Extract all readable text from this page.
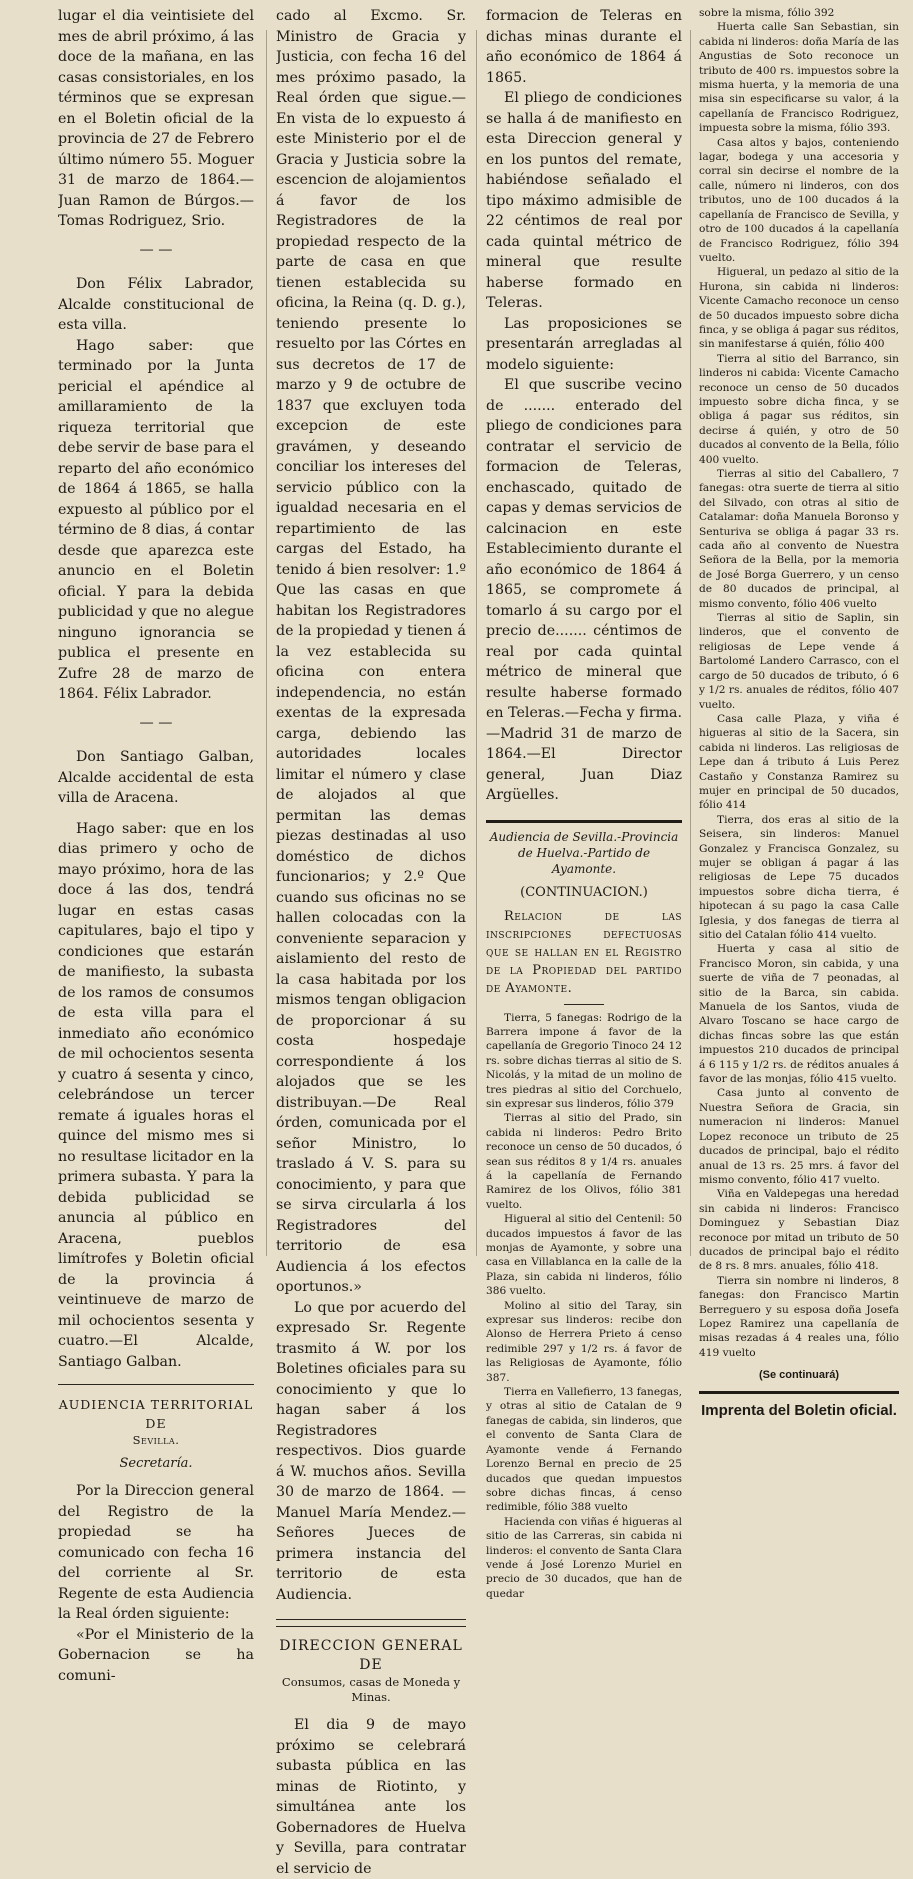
lugar el dia veintisiete del mes de abril próximo, á las doce de la mañana, en las casas consistoriales, en los términos que se expresan en el Boletin oficial de la provincia de 27 de Febrero último número 55. Moguer 31 de marzo de 1864.—Juan Ramon de Búrgos.—Tomas Rodriguez, Srio.

— —

Don Félix Labrador, Alcalde constitucional de esta villa.

Hago saber: que terminado por la Junta pericial el apéndice al amillaramiento de la riqueza territorial que debe servir de base para el reparto del año económico de 1864 á 1865, se halla expuesto al público por el término de 8 dias, á contar desde que aparezca este anuncio en el Boletin oficial. Y para la debida publicidad y que no alegue ninguno ignorancia se publica el presente en Zufre 28 de marzo de 1864. Félix Labrador.

— —

Don Santiago Galban, Alcalde accidental de esta villa de Aracena.

Hago saber: que en los dias primero y ocho de mayo próximo, hora de las doce á las dos, tendrá lugar en estas casas capitulares, bajo el tipo y condiciones que estarán de manifiesto, la subasta de los ramos de consumos de esta villa para el inmediato año económico de mil ochocientos sesenta y cuatro á sesenta y cinco, celebrándose un tercer remate á iguales horas el quince del mismo mes si no resultase licitador en la primera subasta. Y para la debida publicidad se anuncia al público en Aracena, pueblos limítrofes y Boletin oficial de la provincia á veintinueve de marzo de mil ochocientos sesenta y cuatro.—El Alcalde, Santiago Galban.

AUDIENCIA TERRITORIAL DE
Sevilla.
Secretaría.

Por la Direccion general del Registro de la propiedad se ha comunicado con fecha 16 del corriente al Sr. Regente de esta Audiencia la Real órden siguiente:

«Por el Ministerio de la Gobernacion se ha comuni-

cado al Excmo. Sr. Ministro de Gracia y Justicia, con fecha 16 del mes próximo pasado, la Real órden que sigue.—En vista de lo expuesto á este Ministerio por el de Gracia y Justicia sobre la escencion de alojamientos á favor de los Registradores de la propiedad respecto de la parte de casa en que tienen establecida su oficina, la Reina (q. D. g.), teniendo presente lo resuelto por las Córtes en sus decretos de 17 de marzo y 9 de octubre de 1837 que excluyen toda excepcion de este gravámen, y deseando conciliar los intereses del servicio público con la igualdad necesaria en el repartimiento de las cargas del Estado, ha tenido á bien resolver: 1.º Que las casas en que habitan los Registradores de la propiedad y tienen á la vez establecida su oficina con entera independencia, no están exentas de la expresada carga, debiendo las autoridades locales limitar el número y clase de alojados al que permitan las demas piezas destinadas al uso doméstico de dichos funcionarios; y 2.º Que cuando sus oficinas no se hallen colocadas con la conveniente separacion y aislamiento del resto de la casa habitada por los mismos tengan obligacion de proporcionar á su costa hospedaje correspondiente á los alojados que se les distribuyan.—De Real órden, comunicada por el señor Ministro, lo traslado á V. S. para su conocimiento, y para que se sirva circularla á los Registradores del territorio de esa Audiencia á los efectos oportunos.»

Lo que por acuerdo del expresado Sr. Regente trasmito á W. por los Boletines oficiales para su conocimiento y que lo hagan saber á los Registradores respectivos. Dios guarde á W. muchos años. Sevilla 30 de marzo de 1864. —Manuel María Mendez.—Señores Jueces de primera instancia del territorio de esta Audiencia.

DIRECCION GENERAL DE
Consumos, casas de Moneda y Minas.

El dia 9 de mayo próximo se celebrará subasta pública en las minas de Riotinto, y simultánea ante los Gobernadores de Huelva y Sevilla, para contratar el servicio de

formacion de Teleras en dichas minas durante el año económico de 1864 á 1865.

El pliego de condiciones se halla á de manifiesto en esta Direccion general y en los puntos del remate, habiéndose señalado el tipo máximo admisible de 22 céntimos de real por cada quintal métrico de mineral que resulte haberse formado en Teleras.

Las proposiciones se presentarán arregladas al modelo siguiente:

El que suscribe vecino de ....... enterado del pliego de condiciones para contratar el servicio de formacion de Teleras, enchascado, quitado de capas y demas servicios de calcinacion en este Establecimiento durante el año económico de 1864 á 1865, se compromete á tomarlo á su cargo por el precio de....... céntimos de real por cada quintal métrico de mineral que resulte haberse formado en Teleras.—Fecha y firma. —Madrid 31 de marzo de 1864.—El Director general, Juan Diaz Argüelles.

Audiencia de Sevilla.-Provincia de Huelva.-Partido de Ayamonte.
(CONTINUACION.)

Relacion de las inscripciones defectuosas que se hallan en el Registro de la Propiedad del partido de Ayamonte.

Tierra, 5 fanegas: Rodrigo de la Barrera impone á favor de la capellanía de Gregorio Tinoco 24 12 rs. sobre dichas tierras al sitio de S. Nicolás, y la mitad de un molino de tres piedras al sitio del Corchuelo, sin expresar sus linderos, fólio 379

Tierras al sitio del Prado, sin cabida ni linderos: Pedro Brito reconoce un censo de 50 ducados, ó sean sus réditos 8 y 1/4 rs. anuales á la capellanía de Fernando Ramirez de los Olivos, fólio 381 vuelto.

Higueral al sitio del Centenil: 50 ducados impuestos á favor de las monjas de Ayamonte, y sobre una casa en Villablanca en la calle de la Plaza, sin cabida ni linderos, fólio 386 vuelto.

Molino al sitio del Taray, sin expresar sus linderos: recibe don Alonso de Herrera Prieto á censo redimible 297 y 1/2 rs. á favor de las Religiosas de Ayamonte, fólio 387.

Tierra en Vallefierro, 13 fanegas, y otras al sitio de Catalan de 9 fanegas de cabida, sin linderos, que el convento de Santa Clara de Ayamonte vende á Fernando Lorenzo Bernal en precio de 25 ducados que quedan impuestos sobre dichas fincas, á censo redimible, fólio 388 vuelto

Hacienda con viñas é higueras al sitio de las Carreras, sin cabida ni linderos: el convento de Santa Clara vende á José Lorenzo Muriel en precio de 30 ducados, que han de quedar

sobre la misma, fólio 392

Huerta calle San Sebastian, sin cabida ni linderos: doña María de las Angustias de Soto reconoce un tributo de 400 rs. impuestos sobre la misma huerta, y la memoria de una misa sin especificarse su valor, á la capellanía de Francisco Rodriguez, impuesta sobre la misma, fólio 393.

Casa altos y bajos, conteniendo lagar, bodega y una accesoria y corral sin decirse el nombre de la calle, número ni linderos, con dos tributos, uno de 100 ducados á la capellanía de Francisco de Sevilla, y otro de 100 ducados á la capellanía de Francisco Rodriguez, fólio 394 vuelto.

Higueral, un pedazo al sitio de la Hurona, sin cabida ni linderos: Vicente Camacho reconoce un censo de 50 ducados impuesto sobre dicha finca, y se obliga á pagar sus réditos, sin manifestarse á quién, fólio 400

Tierra al sitio del Barranco, sin linderos ni cabida: Vicente Camacho reconoce un censo de 50 ducados impuesto sobre dicha finca, y se obliga á pagar sus réditos, sin decirse á quién, y otro de 50 ducados al convento de la Bella, fólio 400 vuelto.

Tierras al sitio del Caballero, 7 fanegas: otra suerte de tierra al sitio del Silvado, con otras al sitio de Catalamar: doña Manuela Boronso y Senturiva se obliga á pagar 33 rs. cada año al convento de Nuestra Señora de la Bella, por la memoria de José Borga Guerrero, y un censo de 80 ducados de principal, al mismo convento, fólio 406 vuelto

Tierras al sitio de Saplin, sin linderos, que el convento de religiosas de Lepe vende á Bartolomé Landero Carrasco, con el cargo de 50 ducados de tributo, ó 6 y 1/2 rs. anuales de réditos, fólio 407 vuelto.

Casa calle Plaza, y viña é higueras al sitio de la Sacera, sin cabida ni linderos. Las religiosas de Lepe dan á tributo á Luis Perez Castaño y Constanza Ramirez su mujer en principal de 50 ducados, fólio 414

Tierra, dos eras al sitio de la Seisera, sin linderos: Manuel Gonzalez y Francisca Gonzalez, su mujer se obligan á pagar á las religiosas de Lepe 75 ducados impuestos sobre dicha tierra, é hipotecan á su pago la casa Calle Iglesia, y dos fanegas de tierra al sitio del Catalan fólio 414 vuelto.

Huerta y casa al sitio de Francisco Moron, sin cabida, y una suerte de viña de 7 peonadas, al sitio de la Barca, sin cabida. Manuela de los Santos, viuda de Alvaro Toscano se hace cargo de dichas fincas sobre las que están impuestos 210 ducados de principal á 6 115 y 1/2 rs. de réditos anuales á favor de las monjas, fólio 415 vuelto.

Casa junto al convento de Nuestra Señora de Gracia, sin numeracion ni linderos: Manuel Lopez reconoce un tributo de 25 ducados de principal, bajo el rédito anual de 13 rs. 25 mrs. á favor del mismo convento, fólio 417 vuelto.

Viña en Valdepegas una heredad sin cabida ni linderos: Francisco Dominguez y Sebastian Diaz reconoce por mitad un tributo de 50 ducados de principal bajo el rédito de 8 rs. 8 mrs. anuales, fólio 418.

Tierra sin nombre ni linderos, 8 fanegas: don Francisco Martin Berreguero y su esposa doña Josefa Lopez Ramirez una capellanía de misas rezadas á 4 reales una, fólio 419 vuelto

(Se continuará)
Imprenta del Boletin oficial.
